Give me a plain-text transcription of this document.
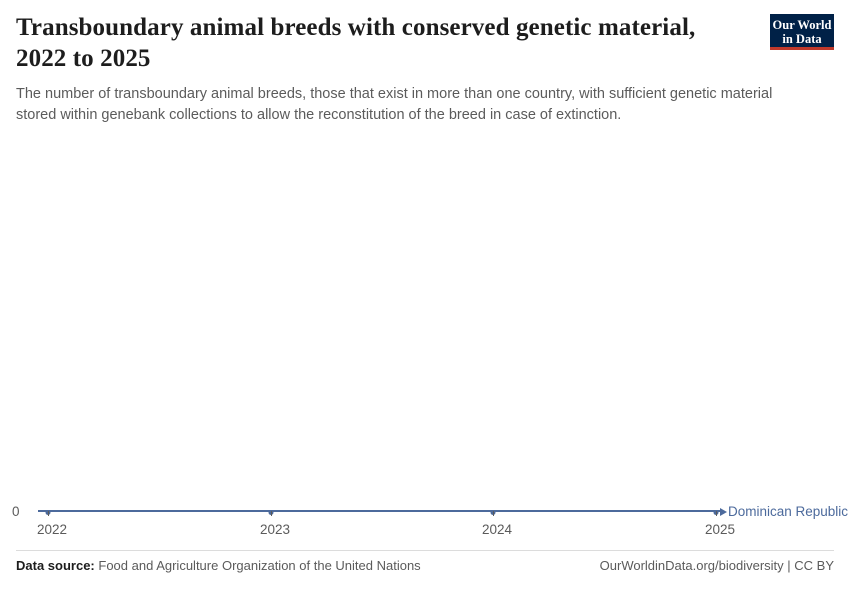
Transboundary animal breeds with conserved genetic material, 2022 to 2025

The number of transboundary animal breeds, those that exist in more than one country, with sufficient genetic material stored within genebank collections to allow the reconstitution of the breed in case of extinction.

Our World
in Data
0
2022	2023	2024	2025
Dominican Republic
Data source: Food and Agriculture Organization of the United Nations	OurWorldinData.org/biodiversity | CC BY
